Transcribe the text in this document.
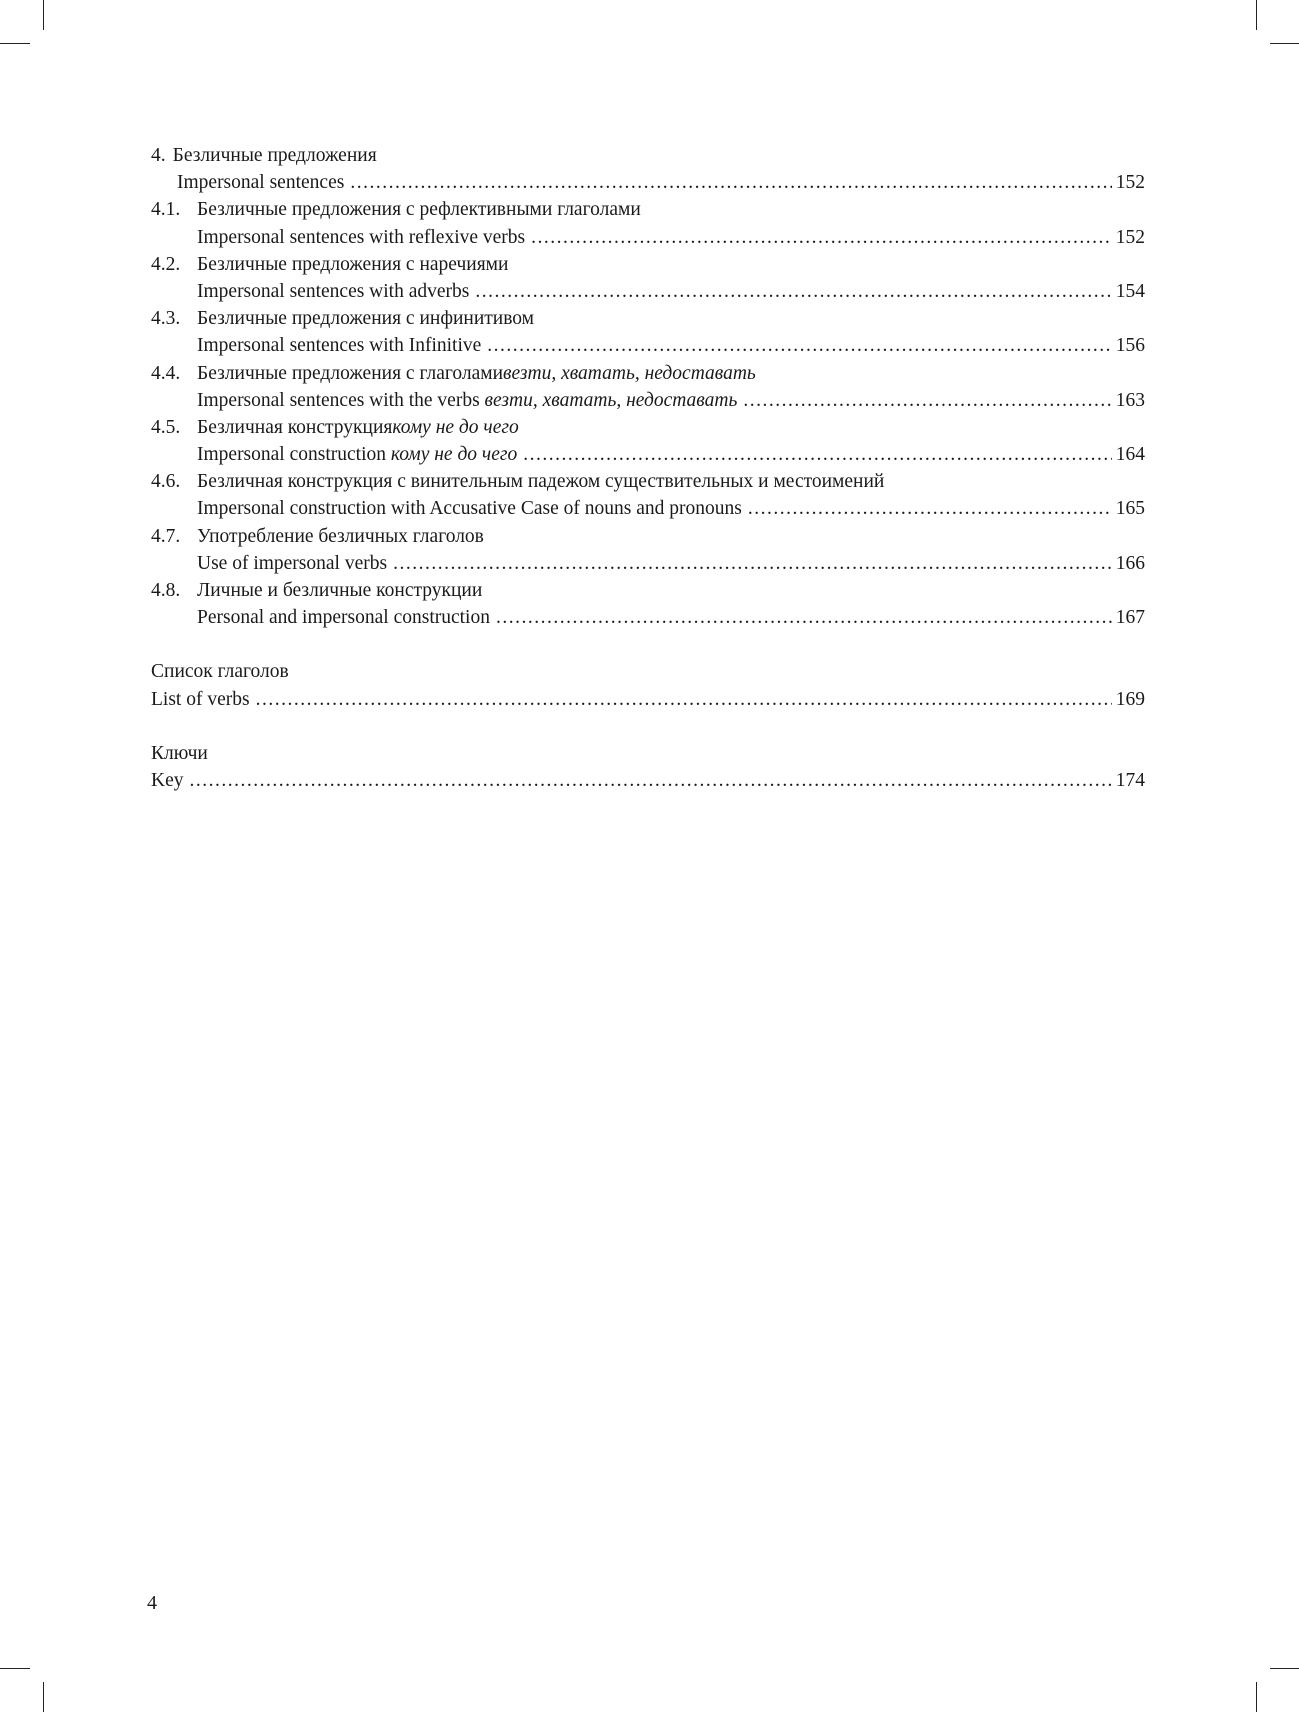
4. Безличные предложения
Impersonal sentences .....	152
4.1. Безличные предложения с рефлективными глаголами
Impersonal sentences with reflexive verbs .....	152
4.2. Безличные предложения с наречиями
Impersonal sentences with adverbs .....	154
4.3. Безличные предложения с инфинитивом
Impersonal sentences with Infinitive .....	156
4.4. Безличные предложения с глаголами везти, хватать, недоставать
Impersonal sentences with the verbs везти, хватать, недоставать .....	163
4.5. Безличная конструкция кому не до чего
Impersonal construction кому не до чего .....	164
4.6. Безличная конструкция с винительным падежом существительных и местоимений
Impersonal construction with Accusative Case of nouns and pronouns .....	165
4.7. Употребление безличных глаголов
Use of impersonal verbs .....	166
4.8. Личные и безличные конструкции
Personal and impersonal construction .....	167
Список глаголов
List of verbs .....	169
Ключи
Key .....	174
4
